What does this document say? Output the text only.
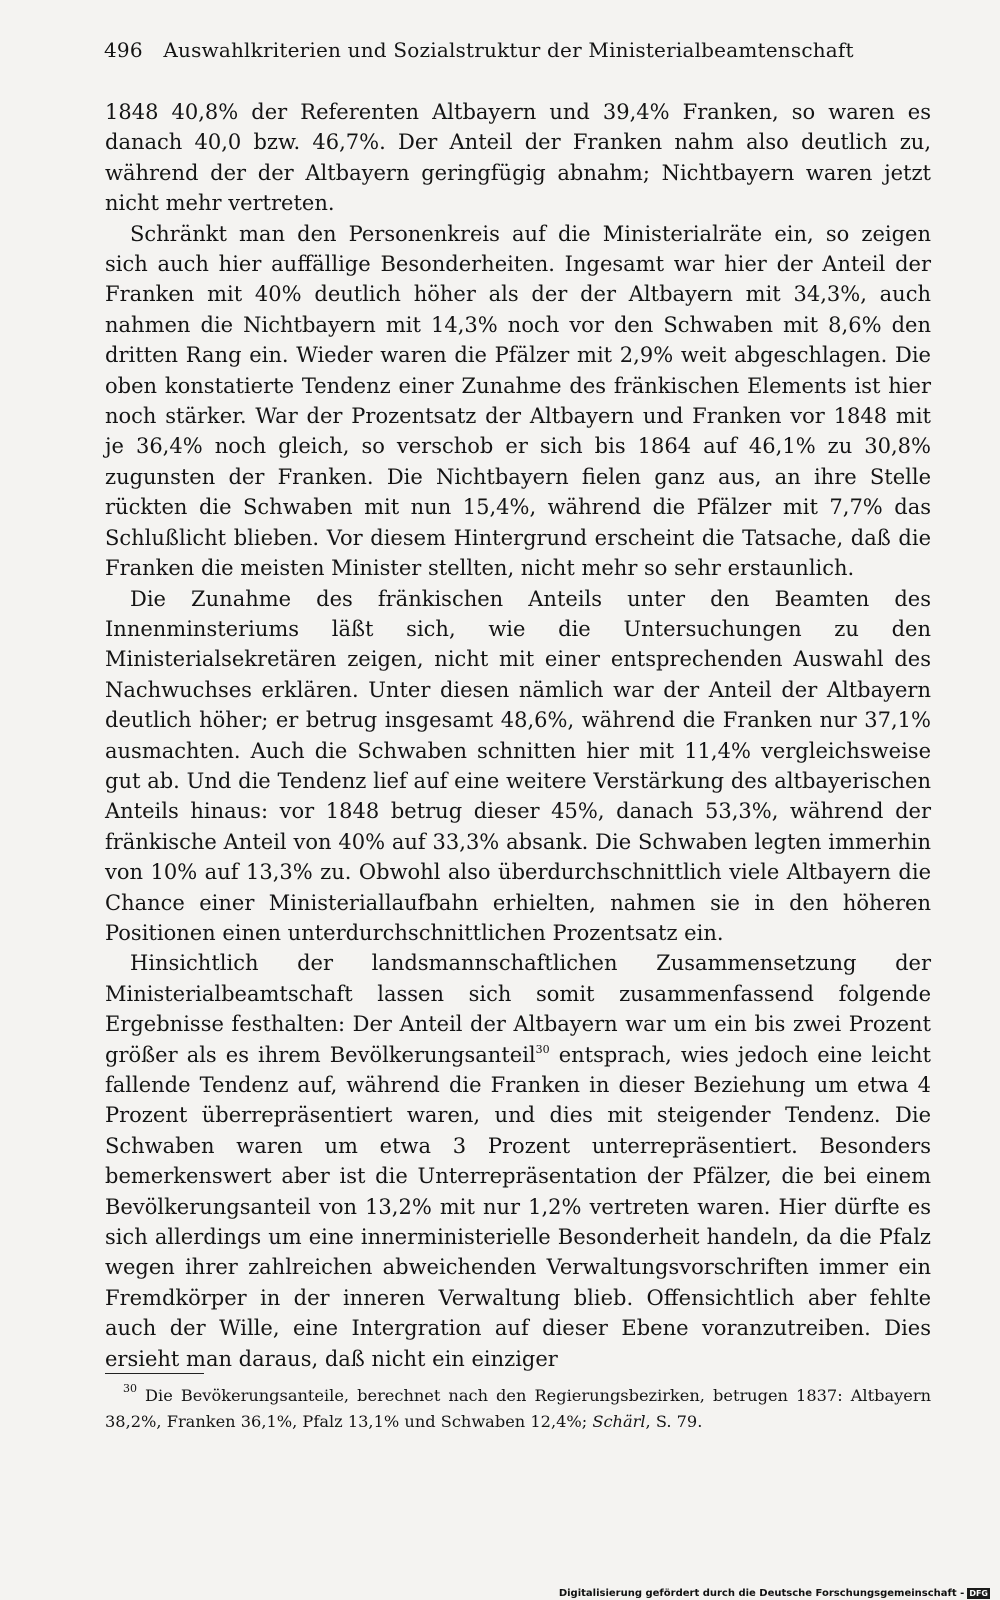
496 Auswahlkriterien und Sozialstruktur der Ministerialbeamtenschaft

1848 40,8% der Referenten Altbayern und 39,4% Franken, so waren es danach 40,0 bzw. 46,7%. Der Anteil der Franken nahm also deutlich zu, während der der Altbayern geringfügig abnahm; Nichtbayern waren jetzt nicht mehr vertreten.

Schränkt man den Personenkreis auf die Ministerialräte ein, so zeigen sich auch hier auffällige Besonderheiten. Ingesamt war hier der Anteil der Franken mit 40% deutlich höher als der der Altbayern mit 34,3%, auch nahmen die Nichtbayern mit 14,3% noch vor den Schwaben mit 8,6% den dritten Rang ein. Wieder waren die Pfälzer mit 2,9% weit abgeschlagen. Die oben konstatierte Tendenz einer Zunahme des fränkischen Elements ist hier noch stärker. War der Prozentsatz der Altbayern und Franken vor 1848 mit je 36,4% noch gleich, so verschob er sich bis 1864 auf 46,1% zu 30,8% zugunsten der Franken. Die Nichtbayern fielen ganz aus, an ihre Stelle rückten die Schwaben mit nun 15,4%, während die Pfälzer mit 7,7% das Schlußlicht blieben. Vor diesem Hintergrund erscheint die Tatsache, daß die Franken die meisten Minister stellten, nicht mehr so sehr erstaunlich.

Die Zunahme des fränkischen Anteils unter den Beamten des Innenminsteriums läßt sich, wie die Untersuchungen zu den Ministerialsekretären zeigen, nicht mit einer entsprechenden Auswahl des Nachwuchses erklären. Unter diesen nämlich war der Anteil der Altbayern deutlich höher; er betrug insgesamt 48,6%, während die Franken nur 37,1% ausmachten. Auch die Schwaben schnitten hier mit 11,4% vergleichsweise gut ab. Und die Tendenz lief auf eine weitere Verstärkung des altbayerischen Anteils hinaus: vor 1848 betrug dieser 45%, danach 53,3%, während der fränkische Anteil von 40% auf 33,3% absank. Die Schwaben legten immerhin von 10% auf 13,3% zu. Obwohl also überdurchschnittlich viele Altbayern die Chance einer Ministeriallaufbahn erhielten, nahmen sie in den höheren Positionen einen unterdurchschnittlichen Prozentsatz ein.

Hinsichtlich der landsmannschaftlichen Zusammensetzung der Ministerialbeamtschaft lassen sich somit zusammenfassend folgende Ergebnisse festhalten: Der Anteil der Altbayern war um ein bis zwei Prozent größer als es ihrem Bevölkerungsanteil$^{30}$ entsprach, wies jedoch eine leicht fallende Tendenz auf, während die Franken in dieser Beziehung um etwa 4 Prozent überrepräsentiert waren, und dies mit steigender Tendenz. Die Schwaben waren um etwa 3 Prozent unterrepräsentiert. Besonders bemerkenswert aber ist die Unterrepräsentation der Pfälzer, die bei einem Bevölkerungsanteil von 13,2% mit nur 1,2% vertreten waren. Hier dürfte es sich allerdings um eine innerministerielle Besonderheit handeln, da die Pfalz wegen ihrer zahlreichen abweichenden Verwaltungsvorschriften immer ein Fremdkörper in der inneren Verwaltung blieb. Offensichtlich aber fehlte auch der Wille, eine Intergration auf dieser Ebene voranzutreiben. Dies ersieht man daraus, daß nicht ein einziger

$^{30}$ Die Bevökerungsanteile, berechnet nach den Regierungsbezirken, betrugen 1837: Altbayern 38,2%, Franken 36,1%, Pfalz 13,1% und Schwaben 12,4%; Schärl, S. 79.
Digitalisierung gefördert durch die Deutsche Forschungsgemeinschaft - DFG
